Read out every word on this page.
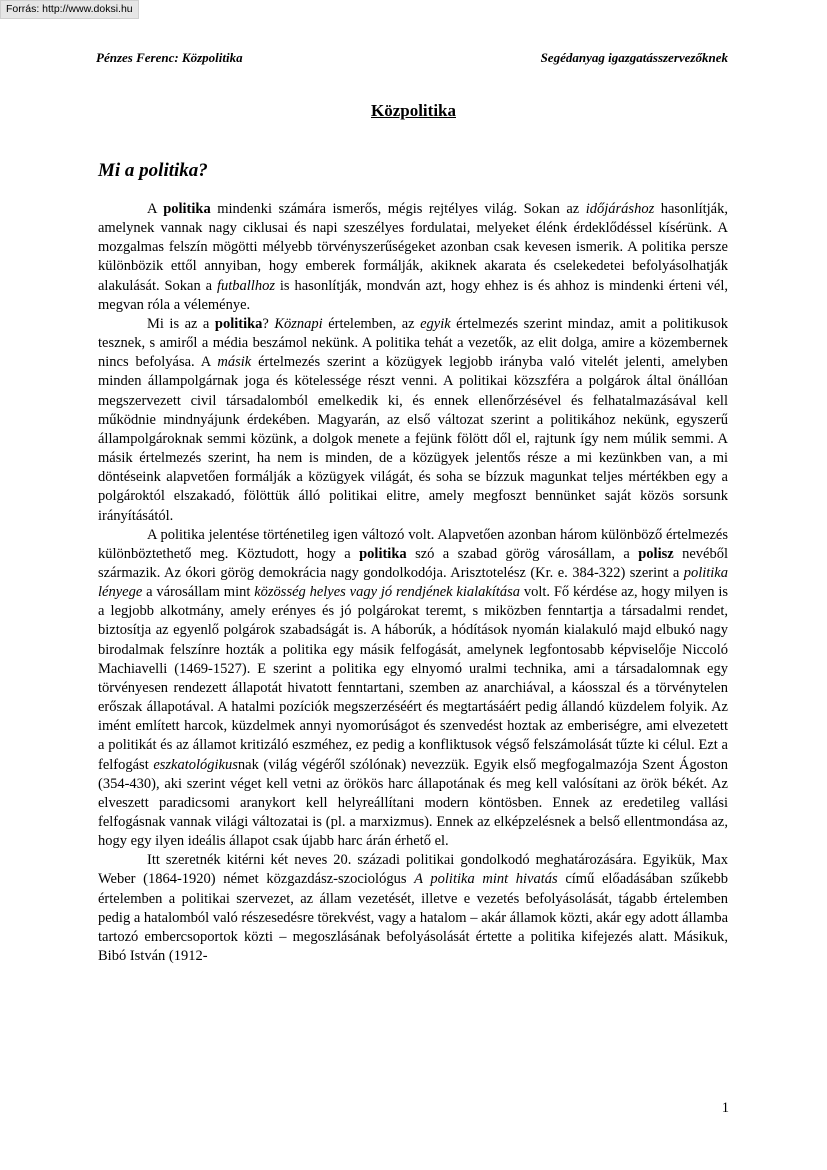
Forrás: http://www.doksi.hu
Pénzes Ferenc: Közpolitika	Segédanyag igazgatásszervezőknek
Közpolitika
Mi a politika?

A politika mindenki számára ismerős, mégis rejtélyes világ. Sokan az időjáráshoz hasonlítják, amelynek vannak nagy ciklusai és napi szeszélyes fordulatai, melyeket élénk érdeklődéssel kísérünk. A mozgalmas felszín mögötti mélyebb törvényszerűségeket azonban csak kevesen ismerik. A politika persze különbözik ettől annyiban, hogy emberek formálják, akiknek akarata és cselekedetei befolyásolhatják alakulását. Sokan a futballhoz is hasonlítják, mondván azt, hogy ehhez is és ahhoz is mindenki érteni vél, megvan róla a véleménye.

Mi is az a politika? Köznapi értelemben, az egyik értelmezés szerint mindaz, amit a politikusok tesznek, s amiről a média beszámol nekünk. A politika tehát a vezetők, az elit dolga, amire a közembernek nincs befolyása. A másik értelmezés szerint a közügyek legjobb irányba való vitelét jelenti, amelyben minden állampolgárnak joga és kötelessége részt venni. A politikai közszféra a polgárok által önállóan megszervezett civil társadalomból emelkedik ki, és ennek ellenőrzésével és felhatalmazásával kell működnie mindnyájunk érdekében. Magyarán, az első változat szerint a politikához nekünk, egyszerű állampolgároknak semmi közünk, a dolgok menete a fejünk fölött dől el, rajtunk így nem múlik semmi. A másik értelmezés szerint, ha nem is minden, de a közügyek jelentős része a mi kezünkben van, a mi döntéseink alapvetően formálják a közügyek világát, és soha se bízzuk magunkat teljes mértékben egy a polgároktól elszakadó, fölöttük álló politikai elitre, amely megfoszt bennünket saját közös sorsunk irányításától.

A politika jelentése történetileg igen változó volt. Alapvetően azonban három különböző értelmezés különböztethető meg. Köztudott, hogy a politika szó a szabad görög városállam, a polisz nevéből származik. Az ókori görög demokrácia nagy gondolkodója. Arisztotelész (Kr. e. 384-322) szerint a politika lényege a városállam mint közösség helyes vagy jó rendjének kialakítása volt. Fő kérdése az, hogy milyen is a legjobb alkotmány, amely erényes és jó polgárokat teremt, s miközben fenntartja a társadalmi rendet, biztosítja az egyenlő polgárok szabadságát is. A háborúk, a hódítások nyomán kialakuló majd elbukó nagy birodalmak felszínre hozták a politika egy másik felfogását, amelynek legfontosabb képviselője Niccoló Machiavelli (1469-1527). E szerint a politika egy elnyomó uralmi technika, ami a társadalomnak egy törvényesen rendezett állapotát hivatott fenntartani, szemben az anarchiával, a káosszal és a törvénytelen erőszak állapotával. A hatalmi pozíciók megszerzéséért és megtartásáért pedig állandó küzdelem folyik. Az imént említett harcok, küzdelmek annyi nyomorúságot és szenvedést hoztak az emberiségre, ami elvezetett a politikát és az államot kritizáló eszméhez, ez pedig a konfliktusok végső felszámolását tűzte ki célul. Ezt a felfogást eszkatológikusnak (világ végéről szólónak) nevezzük. Egyik első megfogalmazója Szent Ágoston (354-430), aki szerint véget kell vetni az örökös harc állapotának és meg kell valósítani az örök békét. Az elveszett paradicsomi aranykort kell helyreállítani modern köntösben. Ennek az eredetileg vallási felfogásnak vannak világi változatai is (pl. a marxizmus). Ennek az elképzelésnek a belső ellentmondása az, hogy egy ilyen ideális állapot csak újabb harc árán érhető el.

Itt szeretnék kitérni két neves 20. századi politikai gondolkodó meghatározására. Egyikük, Max Weber (1864-1920) német közgazdász-szociológus A politika mint hivatás című előadásában szűkebb értelemben a politikai szervezet, az állam vezetését, illetve e vezetés befolyásolását, tágabb értelemben pedig a hatalomból való részesedésre törekvést, vagy a hatalom – akár államok közti, akár egy adott államba tartozó embercsoportok közti – megoszlásának befolyásolását értette a politika kifejezés alatt. Másikuk, Bibó István (1912-

1
